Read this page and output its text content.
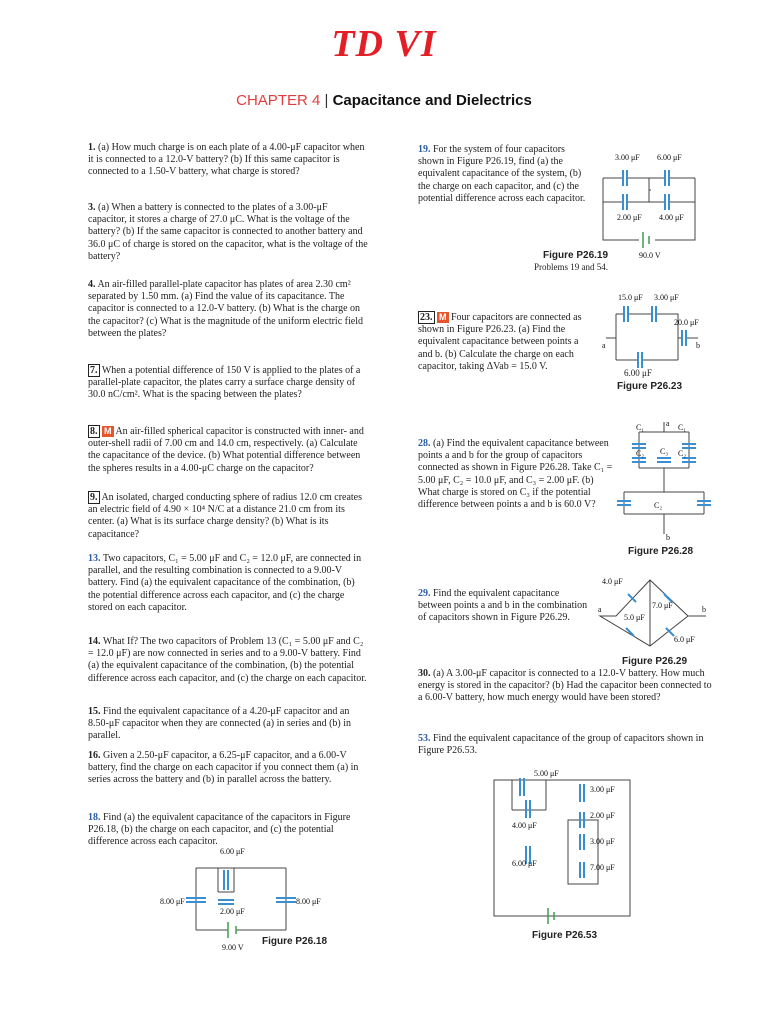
TD VI
CHAPTER 4 | Capacitance and Dielectrics
1. (a) How much charge is on each plate of a 4.00-μF capacitor when it is connected to a 12.0-V battery? (b) If this same capacitor is connected to a 1.50-V battery, what charge is stored?
3. (a) When a battery is connected to the plates of a 3.00-μF capacitor, it stores a charge of 27.0 μC. What is the voltage of the battery? (b) If the same capacitor is connected to another battery and 36.0 μC of charge is stored on the capacitor, what is the voltage of the battery?
4. An air-filled parallel-plate capacitor has plates of area 2.30 cm² separated by 1.50 mm. (a) Find the value of its capacitance. The capacitor is connected to a 12.0-V battery. (b) What is the charge on the capacitor? (c) What is the magnitude of the uniform electric field between the plates?
7. When a potential difference of 150 V is applied to the plates of a parallel-plate capacitor, the plates carry a surface charge density of 30.0 nC/cm². What is the spacing between the plates?
8. M An air-filled spherical capacitor is constructed with inner- and outer-shell radii of 7.00 cm and 14.0 cm, respectively. (a) Calculate the capacitance of the device. (b) What potential difference between the spheres results in a 4.00-μC charge on the capacitor?
9. An isolated, charged conducting sphere of radius 12.0 cm creates an electric field of 4.90 × 10⁴ N/C at a distance 21.0 cm from its center. (a) What is its surface charge density? (b) What is its capacitance?
13. Two capacitors, C₁ = 5.00 μF and C₂ = 12.0 μF, are connected in parallel, and the resulting combination is connected to a 9.00-V battery. Find (a) the equivalent capacitance of the combination, (b) the potential difference across each capacitor, and (c) the charge stored on each capacitor.
14. What If? The two capacitors of Problem 13 (C₁ = 5.00 μF and C₂ = 12.0 μF) are now connected in series and to a 9.00-V battery. Find (a) the equivalent capacitance of the combination, (b) the potential difference across each capacitor, and (c) the charge on each capacitor.
15. Find the equivalent capacitance of a 4.20-μF capacitor and an 8.50-μF capacitor when they are connected (a) in series and (b) in parallel.
16. Given a 2.50-μF capacitor, a 6.25-μF capacitor, and a 6.00-V battery, find the charge on each capacitor if you connect them (a) in series across the battery and (b) in parallel across the battery.
18. Find (a) the equivalent capacitance of the capacitors in Figure P26.18, (b) the charge on each capacitor, and (c) the potential difference across each capacitor.
19. For the system of four capacitors shown in Figure P26.19, find (a) the equivalent capacitance of the system, (b) the charge on each capacitor, and (c) the potential difference across each capacitor.
23. M Four capacitors are connected as shown in Figure P26.23. (a) Find the equivalent capacitance between points a and b. (b) Calculate the charge on each capacitor, taking ΔVab = 15.0 V.
28. (a) Find the equivalent capacitance between points a and b for the group of capacitors connected as shown in Figure P26.28. Take C₁ = 5.00 μF, C₂ = 10.0 μF, and C₃ = 2.00 μF. (b) What charge is stored on C₃ if the potential difference between points a and b is 60.0 V?
29. Find the equivalent capacitance between points a and b in the combination of capacitors shown in Figure P26.29.
30. (a) A 3.00-μF capacitor is connected to a 12.0-V battery. How much energy is stored in the capacitor? (b) Had the capacitor been connected to a 6.00-V battery, how much energy would have been stored?
53. Find the equivalent capacitance of the group of capacitors shown in Figure P26.53.
3.00 μF 6.00 μF
2.00 μF 4.00 μF
90.0 V
Figure P26.19
Problems 19 and 54.
15.0 μF 3.00 μF
20.0 μF
a	b
6.00 μF
Figure P26.23
a
C₁	C₁
C₃
C₂	C₂
C₂
b
Figure P26.28
4.0 μF
7.0 μF
5.0 μF
6.0 μF
a	b
Figure P26.29
6.00 μF
8.00 μF
2.00 μF
8.00 μF
9.00 V
Figure P26.18
5.00 μF
3.00 μF
4.00 μF
2.00 μF
3.00 μF
6.00 μF	7.00 μF
Figure P26.53
